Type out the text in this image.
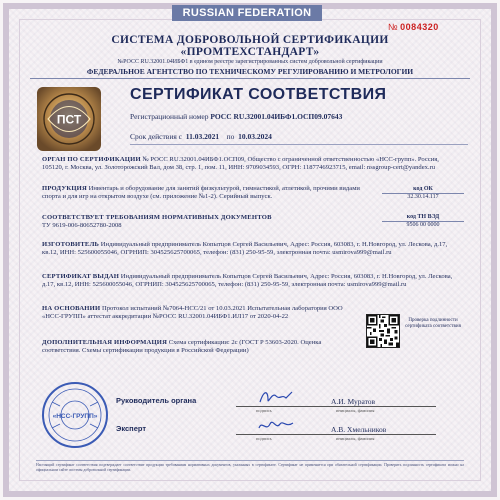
RUSSIAN FEDERATION
№ 0084320
СИСТЕМА ДОБРОВОЛЬНОЙ СЕРТИФИКАЦИИ
«ПРОМТЕХСТАНДАРТ»
№РОСС RU.32001.04ИБФ1 в едином реестре зарегистрированных систем добровольной сертификации
ФЕДЕРАЛЬНОЕ АГЕНТСТВО ПО ТЕХНИЧЕСКОМУ РЕГУЛИРОВАНИЮ И МЕТРОЛОГИИ
ПСТ
СЕРТИФИКАТ СООТВЕТСТВИЯ
Регистрационный номер РОСС RU.32001.04ИБФ1.ОСП09.07643
Срок действия с 11.03.2021 по 10.03.2024
ОРГАН ПО СЕРТИФИКАЦИИ № РОСС RU.32001.04ИБФ1.ОСП09, Общество с ограниченной ответственностью «НСС-групп». Россия, 105120, г. Москва, ул. Золоторожский Вал, дом 38, стр. 1, пом. 11, ИНН: 9709034593, ОГРН: 1187746923715, email: nssgroup-cert@yandex.ru
ПРОДУКЦИЯ Инвентарь и оборудование для занятий физкультурой, гимнастикой, атлетикой, прочими видами спорта и для игр на открытом воздухе (см. приложение №1-2). Серийный выпуск.
код ОК
32.30.14.117
СООТВЕТСТВУЕТ ТРЕБОВАНИЯМ НОРМАТИВНЫХ ДОКУМЕНТОВ
ТУ 9619-006-80652780-2008
код ТН ВЭД
9506 00 0000
ИЗГОТОВИТЕЛЬ Индивидуальный предприниматель Копытцов Сергей Васильевич, Адрес: Россия, 603083, г. Н.Новгород, ул. Лескова, д.17, кв.12, ИНН: 525600055046, ОГРНИП: 304525625700065, телефон: (831) 250-95-59, электронная почта: usmirova999@mail.ru
СЕРТИФИКАТ ВЫДАН Индивидуальный предприниматель Копытцов Сергей Васильевич, Адрес: Россия, 603083, г. Н.Новгород, ул. Лескова, д.17, кв.12, ИНН: 525600055046, ОГРНИП: 304525625700065, телефон: (831) 250-95-59, электронная почта: usmirova999@mail.ru
НА ОСНОВАНИИ Протокол испытаний №7064-НСС/21 от 10.03.2021 Испытательная лаборатория ООО «НСС-ГРУПП» аттестат аккредитации №РОСС RU.32001.04ИБФ1.ИЛ17 от 2020-04-22
ДОПОЛНИТЕЛЬНАЯ ИНФОРМАЦИЯ Схема сертификации: 2с (ГОСТ Р 53603-2020. Оценка соответствия. Схемы сертификации продукции в Российской Федерации)
Проверка подлинности сертификата соответствия
«НСС-ГРУПП»
Руководитель органа	А.И. Муратов
подпись	инициалы, фамилия
Эксперт	А.В. Хмельников
подпись	инициалы, фамилия
Настоящий сертификат соответствия подтверждает соответствие продукции требованиям нормативных документов, указанных в сертификате. Сертификат не применяется при обязательной сертификации. Проверить подлинность сертификата можно на официальном сайте системы добровольной сертификации.
